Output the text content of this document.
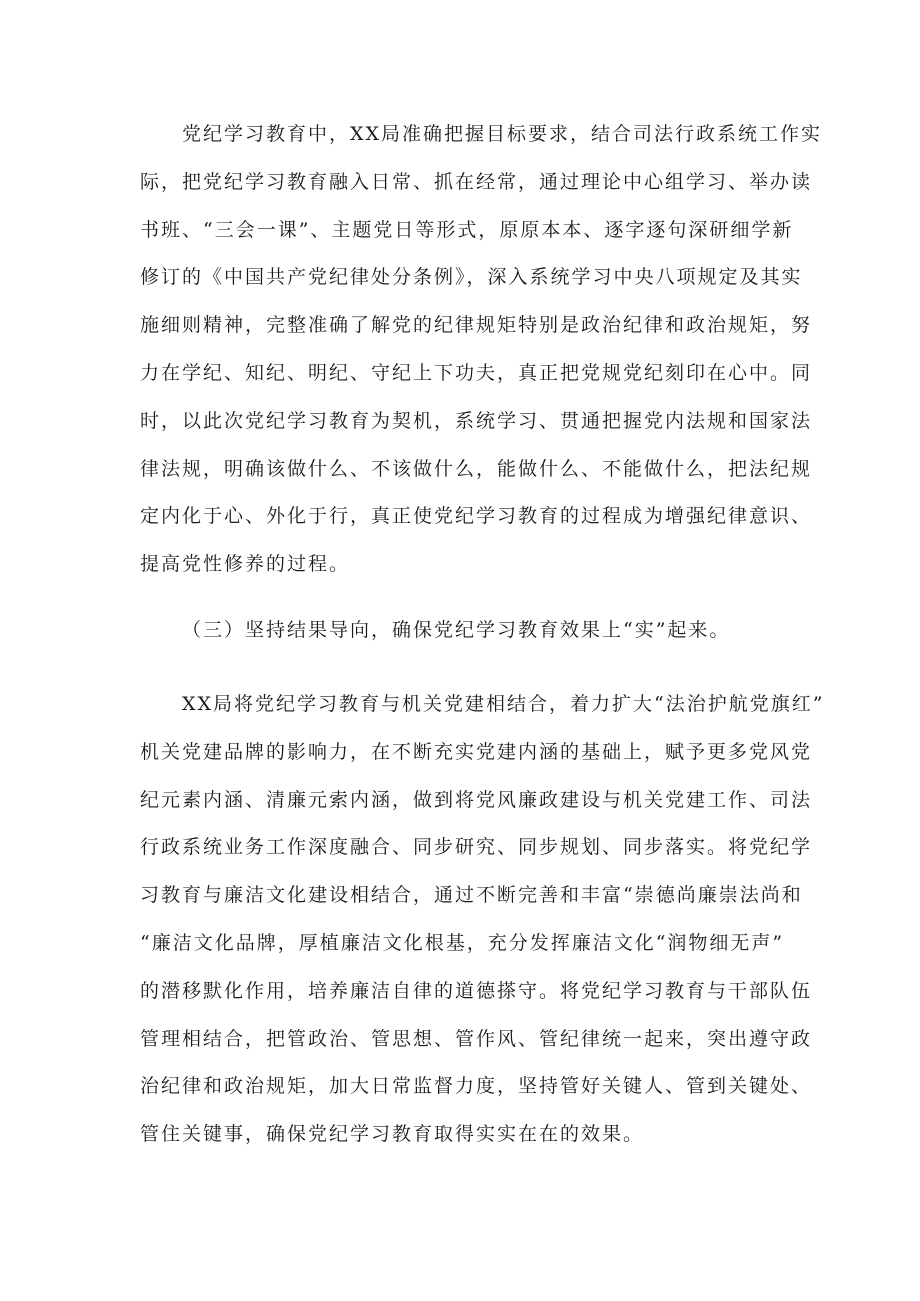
党纪学习教育中，XX局准确把握目标要求，结合司法行政系统工作实
际，把党纪学习教育融入日常、抓在经常，通过理论中心组学习、举办读
书班、“三会一课”、主题党日等形式，原原本本、逐字逐句深研细学新
修订的《中国共产党纪律处分条例》，深入系统学习中央八项规定及其实
施细则精神，完整准确了解党的纪律规矩特别是政治纪律和政治规矩，努
力在学纪、知纪、明纪、守纪上下功夫，真正把党规党纪刻印在心中。同
时，以此次党纪学习教育为契机，系统学习、贯通把握党内法规和国家法
律法规，明确该做什么、不该做什么，能做什么、不能做什么，把法纪规
定内化于心、外化于行，真正使党纪学习教育的过程成为增强纪律意识、
提高党性修养的过程。

（三）坚持结果导向，确保党纪学习教育效果上“实”起来。

XX局将党纪学习教育与机关党建相结合，着力扩大“法治护航党旗红”
机关党建品牌的影响力，在不断充实党建内涵的基础上，赋予更多党风党
纪元素内涵、清廉元索内涵，做到将党风廉政建设与机关党建工作、司法
行政系统业务工作深度融合、同步研究、同步规划、同步落实。将党纪学
习教育与廉洁文化建设相结合，通过不断完善和丰富“崇德尚廉崇法尚和
“廉洁文化品牌，厚植廉洁文化根基，充分发挥廉洁文化“润物细无声”
的潜移默化作用，培养廉洁自律的道德搽守。将党纪学习教育与干部队伍
管理相结合，把管政治、管思想、管作风、管纪律统一起来，突出遵守政
治纪律和政治规矩，加大日常监督力度，坚持管好关键人、管到关键处、
管住关键事，确保党纪学习教育取得实实在在的效果。
